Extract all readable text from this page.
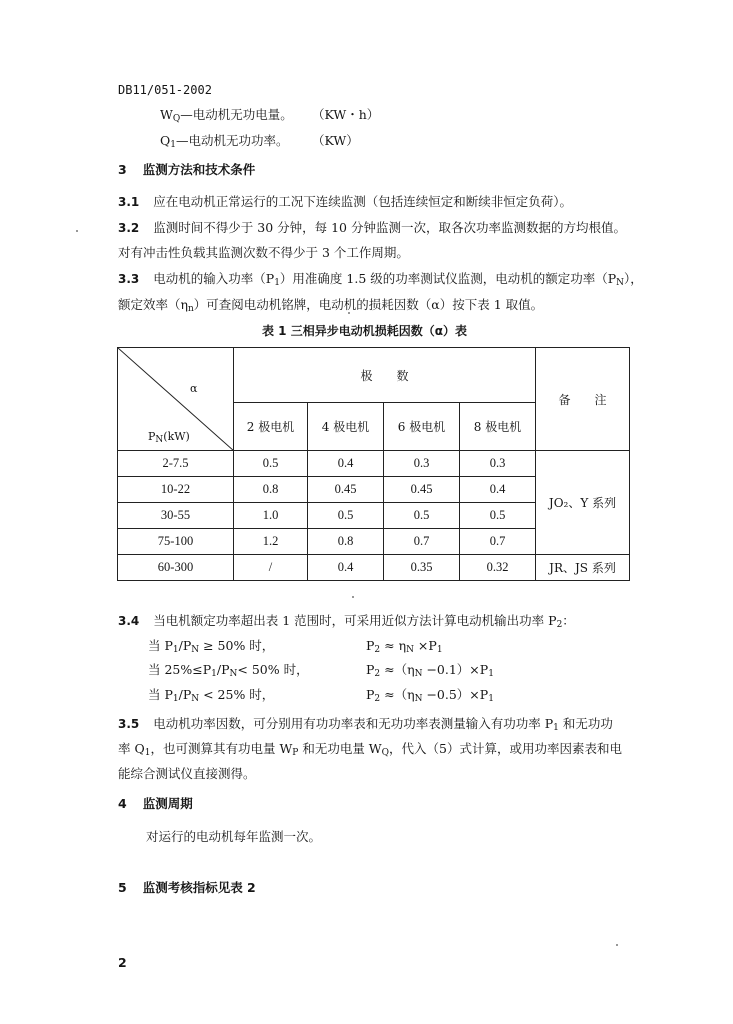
DB11/051-2002
$W_Q—$电动机无功电量。 （KW・h）
$Q_1—$电动机无功功率。 （KW）
3 监测方法和技术条件
3.1 应在电动机正常运行的工况下连续监测（包括连续恒定和断续非恒定负荷）。
3.2 监测时间不得少于 30 分钟，每 10 分钟监测一次，取各次功率监测数据的方均根值。
对有冲击性负载其监测次数不得少于 3 个工作周期。
3.3 电动机的输入功率$(P_1)$用准确度 1.5 级的功率测试仪监测，电动机的额定功率$(P_N)$，
额定效率$(\eta_n)$可查阅电动机铭牌，电动机的损耗因数（α）按下表 1 取值。
表 1 三相异步电动机损耗因数（α）表
α
$P_N(kW)$	极　　数				备　　注
	2 极电机	4 极电机	6 极电机	8 极电机	
2-7.5	0.5	0.4	0.3	0.3	JO₂、Y 系列
10-22	0.8	0.45	0.45	0.4	
30-55	1.0	0.5	0.5	0.5	
75-100	1.2	0.8	0.7	0.7	
60-300	/	0.4	0.35	0.32	JR、JS 系列
3.4 当电机额定功率超出表 1 范围时，可采用近似方法计算电动机输出功率 $P_2$：
当 $P_1/P_N \ge 50\%$ 时，	$P_2 \approx \eta_N \times P_1$
当 $25\%\le P_1/P_N< 50\%$ 时，	$P_2 \approx(\eta_N -0.1)\times P_1$
当 $P_1/P_N < 25\%$ 时，	$P_2 \approx(\eta_N -0.5)\times P_1$
3.5 电动机功率因数，可分别用有功功率表和无功功率表测量输入有功功率 $P_1$ 和无功功
率 $Q_1$，也可测算其有功电量 $W_P$ 和无功电量 $W_Q$，代入（5）式计算，或用功率因素表和电
能综合测试仪直接测得。
4 监测周期
对运行的电动机每年监测一次。
5 监测考核指标见表 2
2
